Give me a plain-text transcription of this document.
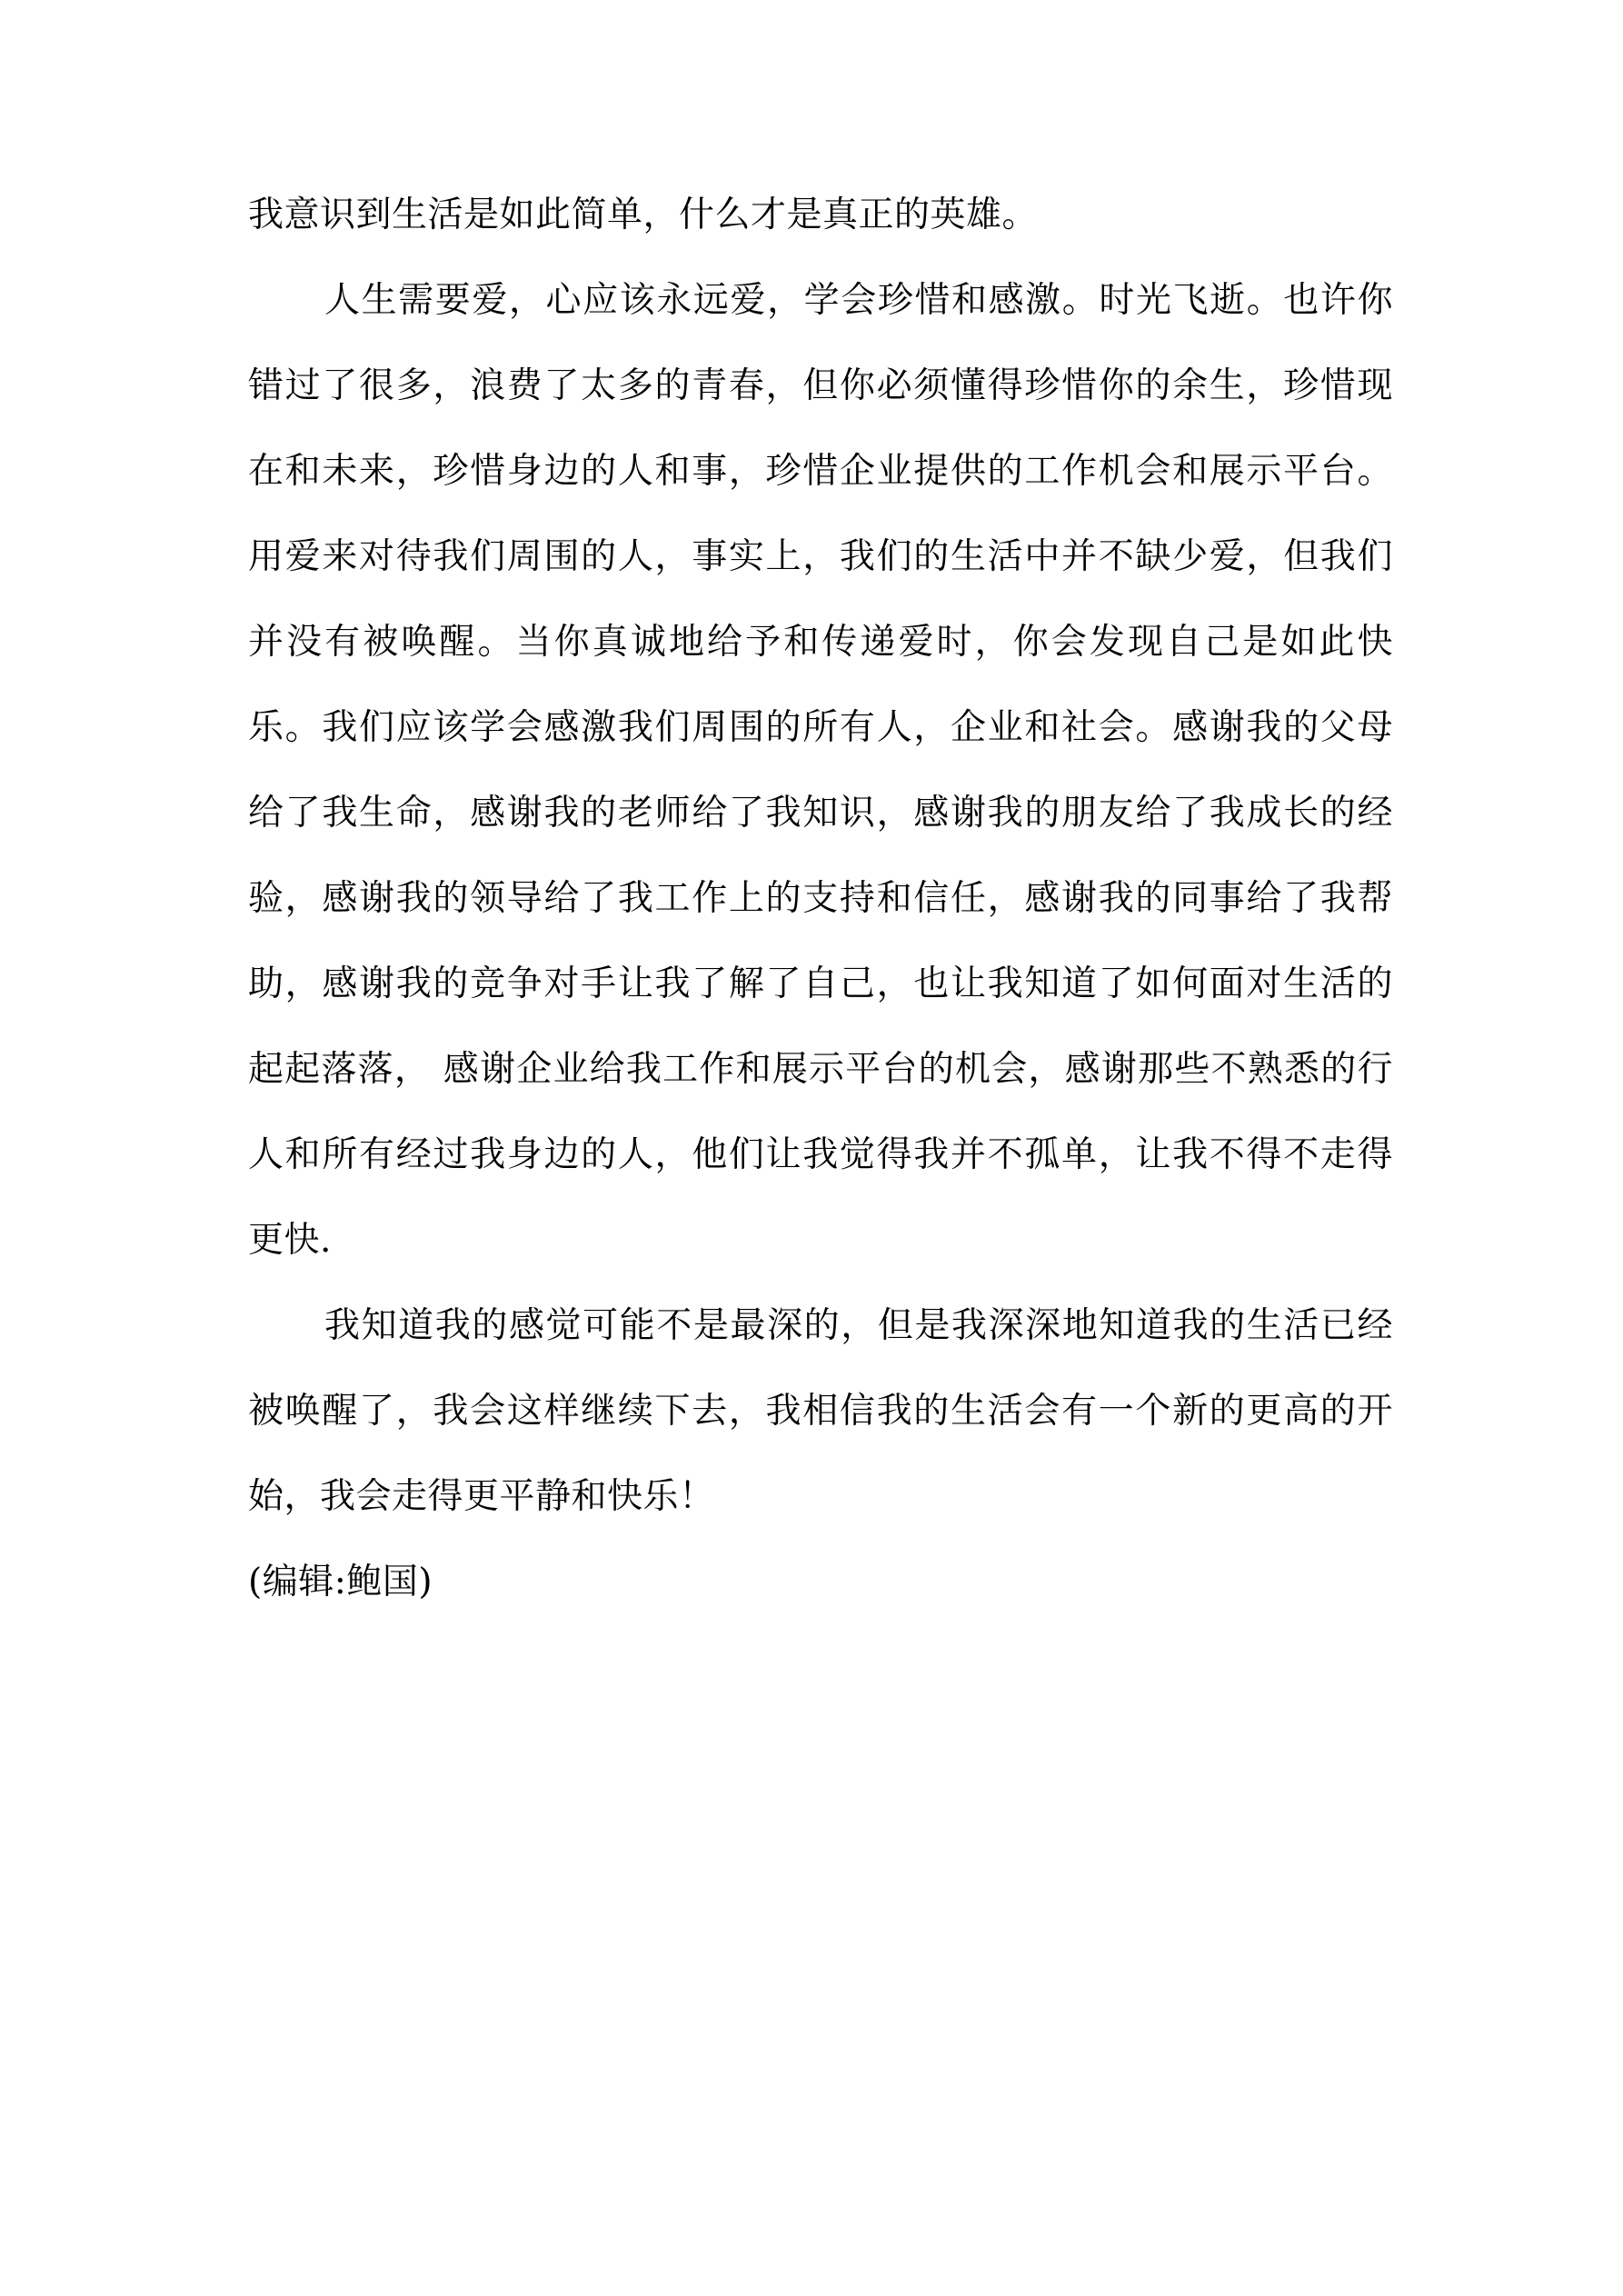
我意识到生活是如此简单，什么才是真正的英雄。

人生需要爱，心应该永远爱，学会珍惜和感激。时光飞逝。也许你错过了很多，浪费了太多的青春，但你必须懂得珍惜你的余生，珍惜现在和未来，珍惜身边的人和事，珍惜企业提供的工作机会和展示平台。用爱来对待我们周围的人，事实上，我们的生活中并不缺少爱，但我们并没有被唤醒。当你真诚地给予和传递爱时，你会发现自己是如此快乐。我们应该学会感激我们周围的所有人，企业和社会。感谢我的父母给了我生命，感谢我的老师给了我知识，感谢我的朋友给了我成长的经验，感谢我的领导给了我工作上的支持和信任，感谢我的同事给了我帮助，感谢我的竞争对手让我了解了自己，也让我知道了如何面对生活的起起落落， 感谢企业给我工作和展示平台的机会，感谢那些不熟悉的行人和所有经过我身边的人，他们让我觉得我并不孤单，让我不得不走得更快.

我知道我的感觉可能不是最深的，但是我深深地知道我的生活已经被唤醒了，我会这样继续下去，我相信我的生活会有一个新的更高的开始，我会走得更平静和快乐！

(编辑:鲍国)
